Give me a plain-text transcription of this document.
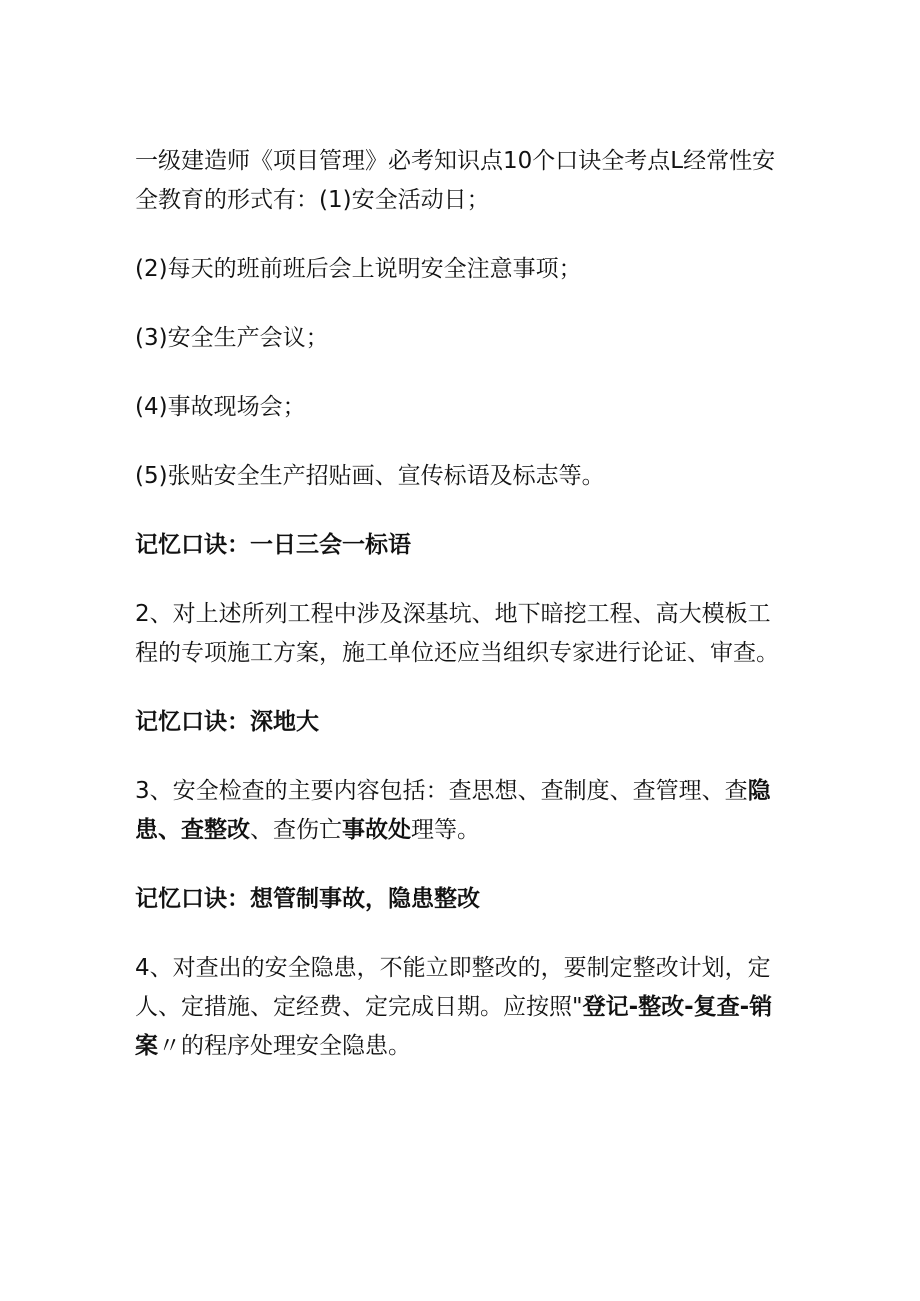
一级建造师《项目管理》必考知识点10个口诀全考点L经常性安全教育的形式有：(1)安全活动日；

(2)每天的班前班后会上说明安全注意事项；

(3)安全生产会议；

(4)事故现场会；

(5)张贴安全生产招贴画、宣传标语及标志等。

记忆口诀：一日三会一标语

2、对上述所列工程中涉及深基坑、地下暗挖工程、高大模板工程的专项施工方案，施工单位还应当组织专家进行论证、审查。

记忆口诀：深地大

3、安全检查的主要内容包括：查思想、查制度、查管理、查隐患、查整改、查伤亡事故处理等。

记忆口诀：想管制事故，隐患整改

4、对查出的安全隐患，不能立即整改的，要制定整改计划，定人、定措施、定经费、定完成日期。应按照"登记-整改-复查-销案〃的程序处理安全隐患。
